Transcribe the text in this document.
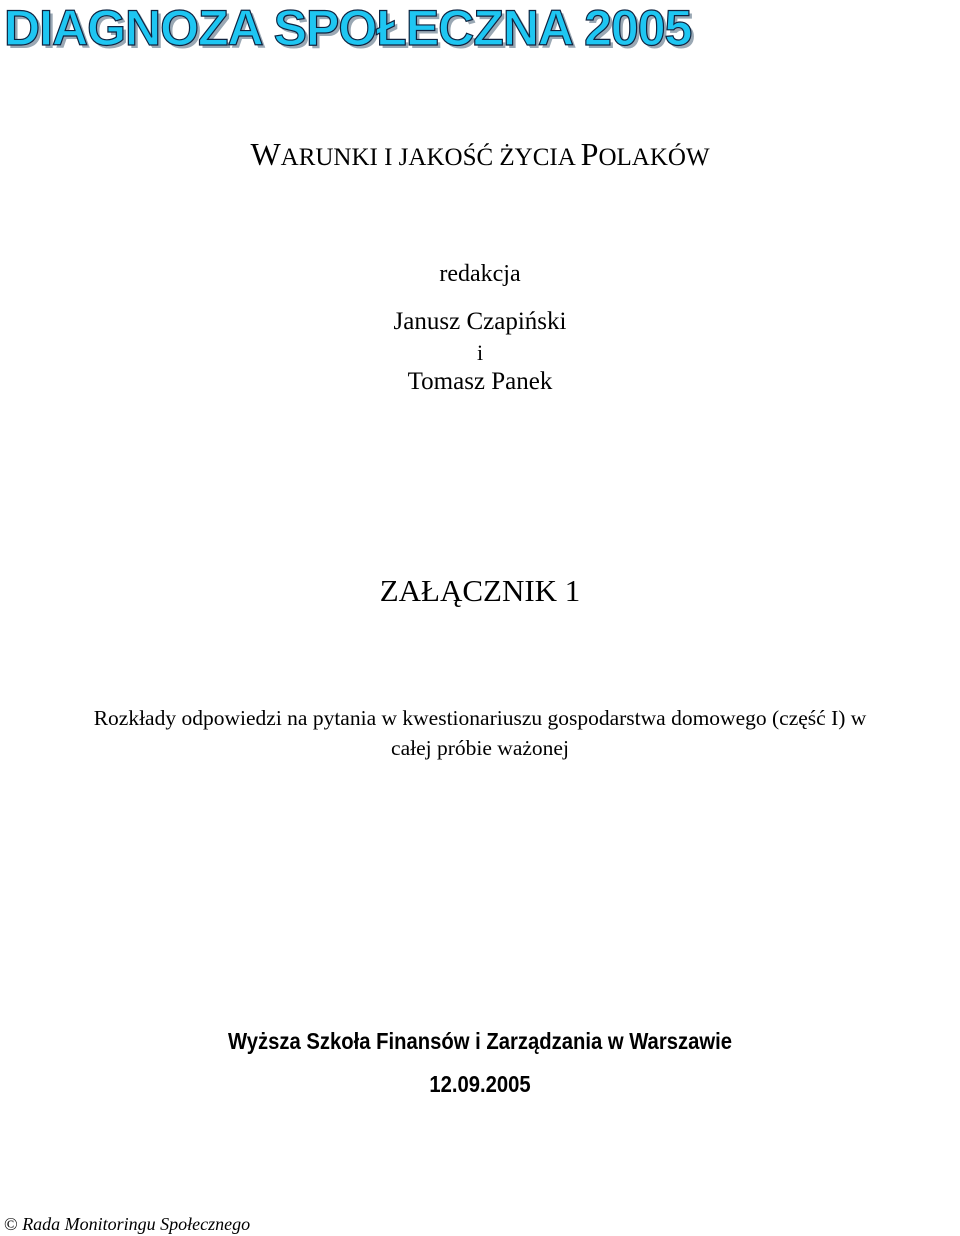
DIAGNOZA SPOŁECZNA 2005
WARUNKI I JAKOŚĆ ŻYCIA POLAKÓW
redakcja
Janusz Czapiński
i
Tomasz Panek
ZAŁĄCZNIK 1
Rozkłady odpowiedzi na pytania w kwestionariuszu gospodarstwa domowego (część I) w
całej próbie ważonej
Wyższa Szkoła Finansów i Zarządzania w Warszawie
12.09.2005
© Rada Monitoringu Społecznego
